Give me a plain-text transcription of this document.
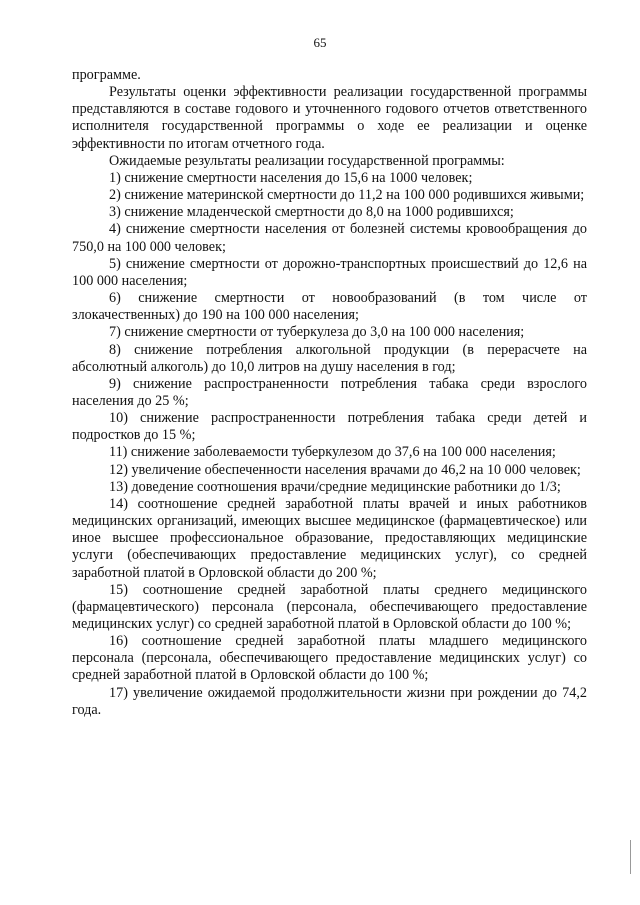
65

программе.

Результаты оценки эффективности реализации государственной программы представляются в составе годового и уточненного годового отчетов ответственного исполнителя государственной программы о ходе ее реализации и оценке эффективности по итогам отчетного года.

Ожидаемые результаты реализации государственной программы:

1) снижение смертности населения до 15,6 на 1000 человек;

2) снижение материнской смертности до 11,2 на 100 000 родившихся живыми;

3) снижение младенческой смертности до 8,0 на 1000 родившихся;

4) снижение смертности населения от болезней системы кровообращения до 750,0 на 100 000 человек;

5) снижение смертности от дорожно-транспортных происшествий до 12,6 на 100 000 населения;

6) снижение смертности от новообразований (в том числе от злокачественных) до 190 на 100 000 населения;

7) снижение смертности от туберкулеза до 3,0 на 100 000 населения;

8) снижение потребления алкогольной продукции (в перерасчете на абсолютный алкоголь) до 10,0 литров на душу населения в год;

9) снижение распространенности потребления табака среди взрослого населения до 25 %;

10) снижение распространенности потребления табака среди детей и подростков до 15 %;

11) снижение заболеваемости туберкулезом до 37,6 на 100 000 населения;

12) увеличение обеспеченности населения врачами до 46,2 на 10 000 человек;

13) доведение соотношения врачи/средние медицинские работники до 1/3;

14) соотношение средней заработной платы врачей и иных работников медицинских организаций, имеющих высшее медицинское (фармацевтическое) или иное высшее профессиональное образование, предоставляющих медицинские услуги (обеспечивающих предоставление медицинских услуг), со средней заработной платой в Орловской области до 200 %;

15) соотношение средней заработной платы среднего медицинского (фармацевтического) персонала (персонала, обеспечивающего предоставление медицинских услуг) со средней заработной платой в Орловской области до 100 %;

16) соотношение средней заработной платы младшего медицинского персонала (персонала, обеспечивающего предоставление медицинских услуг) со средней заработной платой в Орловской области до 100 %;

17) увеличение ожидаемой продолжительности жизни при рождении до 74,2 года.
